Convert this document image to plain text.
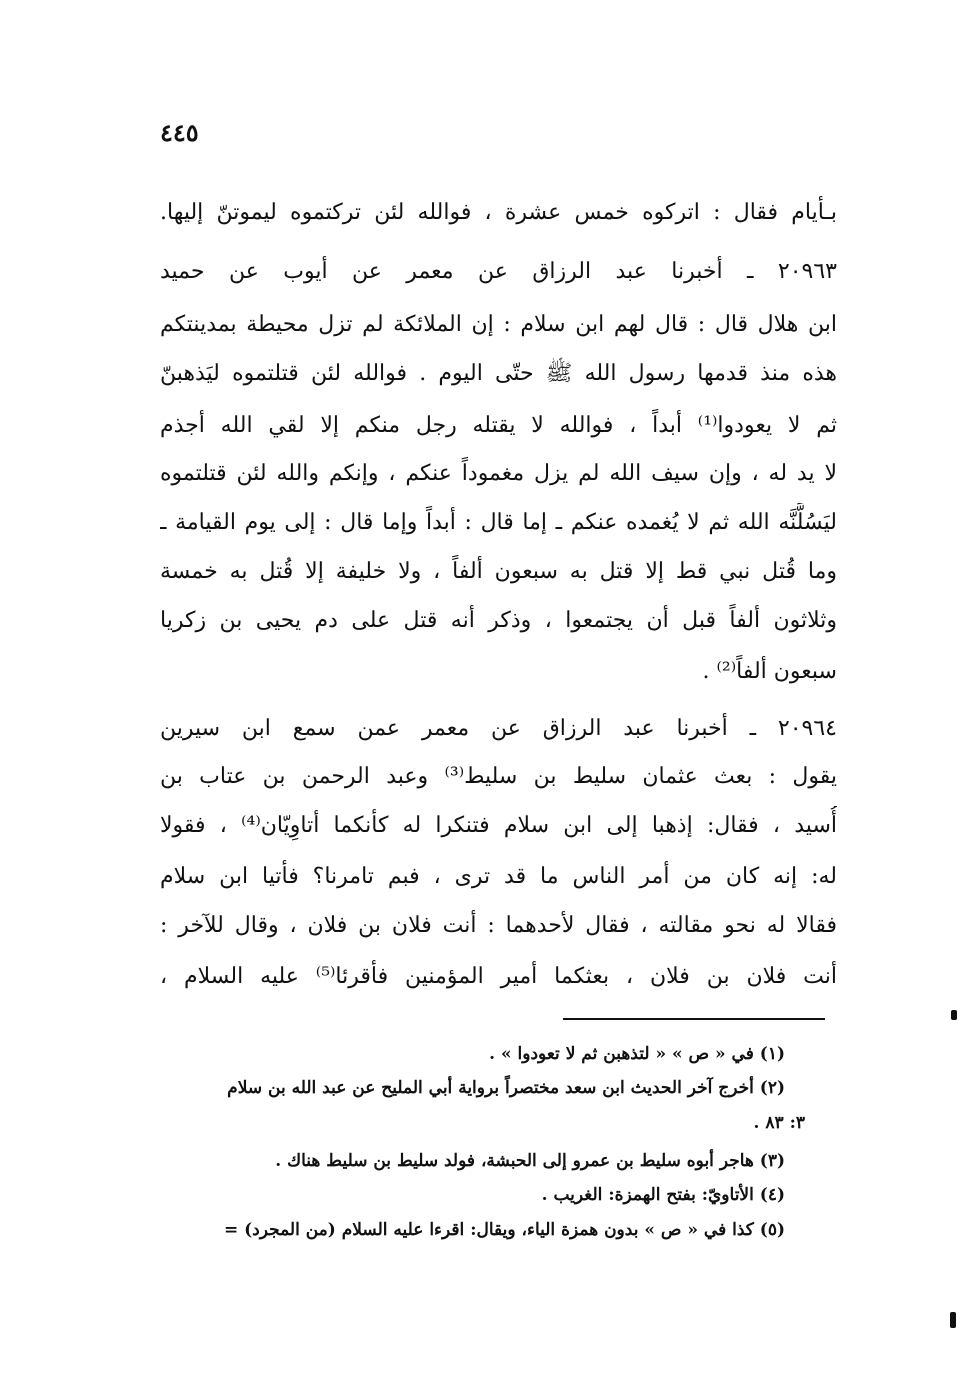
٤٤٥
بـأيام فقال : اتركوه خمس عشرة ، فوالله لئن تركتموه ليموتنّ إليها.
٢٠٩٦٣ ـ أخبرنا عبد الرزاق عن معمر عن أيوب عن حميد
ابن هلال قال : قال لهم ابن سلام : إن الملائكة لم تزل محيطة بمدينتكم
هذه منذ قدمها رسول الله ﷺ حتّى اليوم . فوالله لئن قتلتموه ليَذهبنّ
ثم لا يعودوا⁽¹⁾ أبداً ، فوالله لا يقتله رجل منكم إلا لقي الله أجذم
لا يد له ، وإن سيف الله لم يزل مغموداً عنكم ، وإنكم والله لئن قتلتموه
ليَسُلَّنَّه الله ثم لا يُغمده عنكم ـ إما قال : أبداً وإما قال : إلى يوم القيامة ـ
وما قُتل نبي قط إلا قتل به سبعون ألفاً ، ولا خليفة إلا قُتل به خمسة
وثلاثون ألفاً قبل أن يجتمعوا ، وذكر أنه قتل على دم يحيى بن زكريا
سبعون ألفاً⁽²⁾ .
٢٠٩٦٤ ـ أخبرنا عبد الرزاق عن معمر عمن سمع ابن سيرين
يقول : بعث عثمان سليط بن سليط⁽³⁾ وعبد الرحمن بن عتاب بن
أُسيد ، فقال: إذهبا إلى ابن سلام فتنكرا له كأنكما أتاوِيّان⁽⁴⁾ ، فقولا
له: إنه كان من أمر الناس ما قد ترى ، فبم تامرنا؟ فأتيا ابن سلام
فقالا له نحو مقالته ، فقال لأحدهما : أنت فلان بن فلان ، وقال للآخر :
أنت فلان بن فلان ، بعثكما أمير المؤمنين فأقرئا⁽⁵⁾ عليه السلام ،
(١) في « ص » « لتذهبن ثم لا تعودوا » .
(٢) أخرج آخر الحديث ابن سعد مختصراً برواية أبي المليح عن عبد الله بن سلام
٣: ٨٣ .
(٣) هاجر أبوه سليط بن عمرو إلى الحبشة، فولد سليط بن سليط هناك .
(٤) الأتاويّ: بفتح الهمزة: الغريب .
(٥) كذا في « ص » بدون همزة الياء، ويقال: اقرءا عليه السلام (من المجرد) =
